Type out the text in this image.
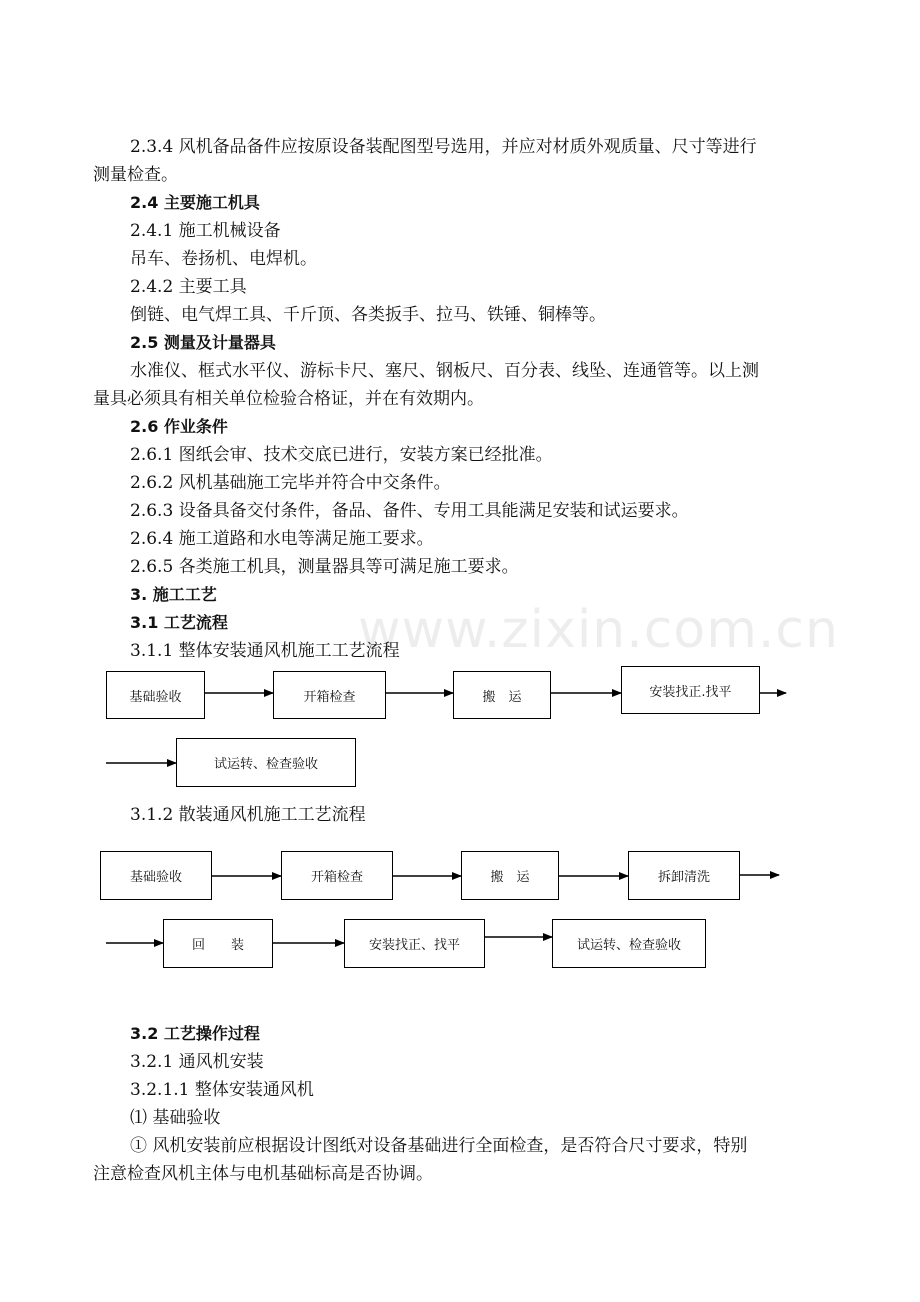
www.zixin.com.cn
2.3.4 风机备品备件应按原设备装配图型号选用，并应对材质外观质量、尺寸等进行
测量检查。
2.4 主要施工机具
2.4.1 施工机械设备
吊车、卷扬机、电焊机。
2.4.2 主要工具
倒链、电气焊工具、千斤顶、各类扳手、拉马、铁锤、铜棒等。
2.5 测量及计量器具
水准仪、框式水平仪、游标卡尺、塞尺、钢板尺、百分表、线坠、连通管等。以上测
量具必须具有相关单位检验合格证，并在有效期内。
2.6 作业条件
2.6.1 图纸会审、技术交底已进行，安装方案已经批准。
2.6.2 风机基础施工完毕并符合中交条件。
2.6.3 设备具备交付条件，备品、备件、专用工具能满足安装和试运要求。
2.6.4 施工道路和水电等满足施工要求。
2.6.5 各类施工机具，测量器具等可满足施工要求。
3. 施工工艺
3.1 工艺流程
3.1.1 整体安装通风机施工工艺流程
基础验收	开箱检查	搬　运	安装找正.找平
试运转、检查验收
3.1.2 散装通风机施工工艺流程
基础验收	开箱检查	搬　运	拆卸清洗
回　　装	安装找正、找平	试运转、检查验收
3.2 工艺操作过程
3.2.1 通风机安装
3.2.1.1 整体安装通风机
⑴ 基础验收
① 风机安装前应根据设计图纸对设备基础进行全面检查，是否符合尺寸要求，特别
注意检查风机主体与电机基础标高是否协调。
